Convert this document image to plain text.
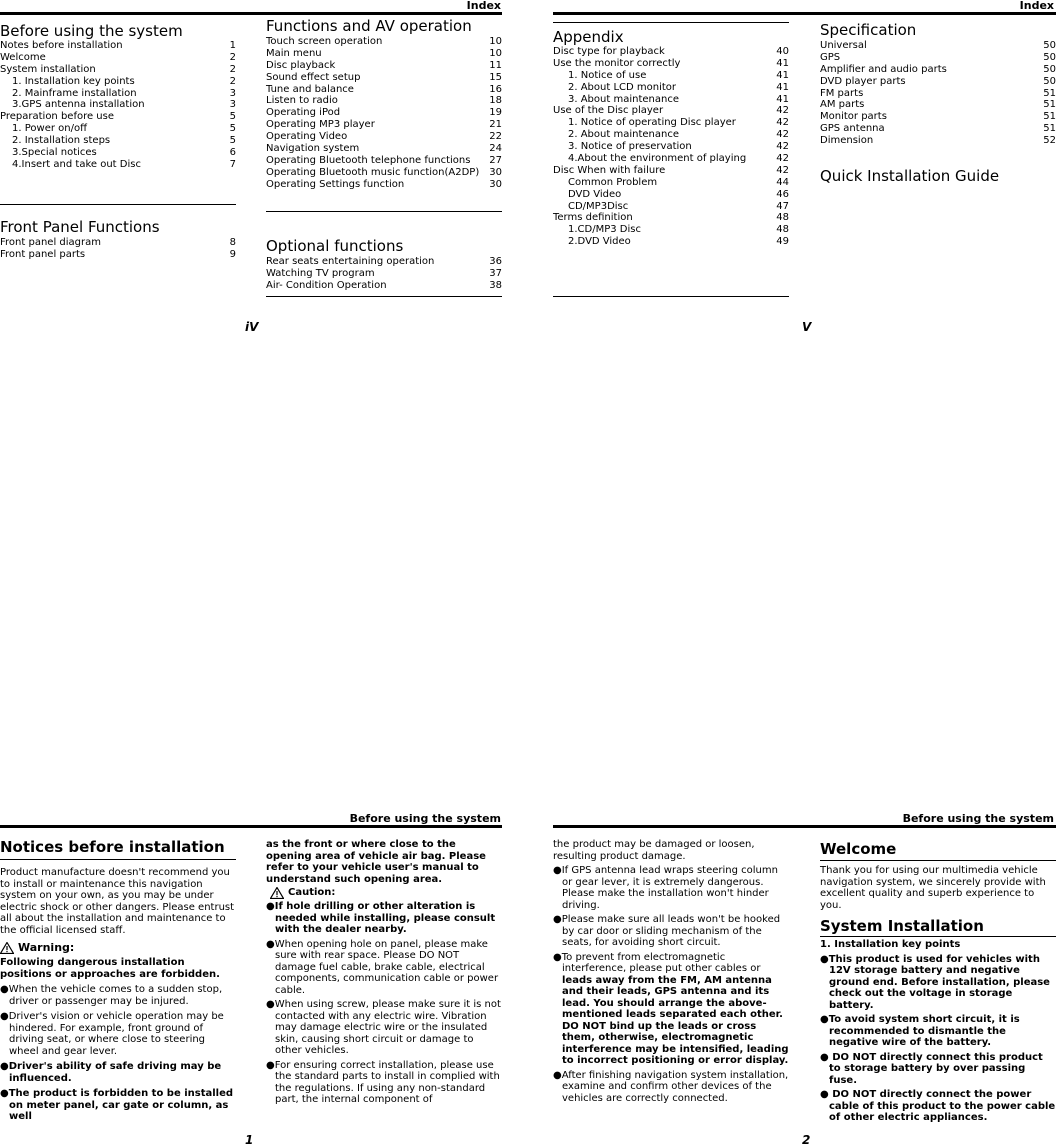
Index	Index
Before using the system
Notes before installation	1
Welcome	2
System installation	2
1. Installation key points	2
2. Mainframe installation	3
3.GPS antenna installation	3
Preparation before use	5
1. Power on/off	5
2. Installation steps	5
3.Special notices	6
4.Insert and take out Disc	7
Front Panel Functions
Front panel diagram	8
Front panel parts	9
Functions and AV operation
Touch screen operation	10
Main menu	10
Disc playback	11
Sound effect setup	15
Tune and balance	16
Listen to radio	18
Operating iPod	19
Operating MP3 player	21
Operating Video	22
Navigation system	24
Operating Bluetooth telephone functions 27
Operating Bluetooth music function(A2DP) 30
Operating Settings function	30
Optional functions
Rear seats entertaining operation	36
Watching TV program	37
Air- Condition Operation	38
Appendix
Disc type for playback	40
Use the monitor correctly	41
1. Notice of use	41
2. About LCD monitor	41
3. About maintenance	41
Use of the Disc player	42
1. Notice of operating Disc player	42
2. About maintenance	42
3. Notice of preservation	42
4.About the environment of playing	42
Disc When with failure	42
Common Problem	44
DVD Video	46
CD/MP3Disc	47
Terms definition	48
1.CD/MP3 Disc	48
2.DVD Video	49
Specification
Universal	50
GPS	50
Amplifier and audio parts	50
DVD player parts	50
FM parts	51
AM parts	51
Monitor parts	51
GPS antenna	51
Dimension	52
Quick Installation Guide
iV	V
Before using the system	Before using the system
Notices before installation

Product manufacture doesn't recommend you to install or maintenance this navigation system on your own, as you may be under electric shock or other dangers. Please entrust all about the installation and maintenance to the official licensed staff.

Warning:

Following dangerous installation positions or approaches are forbidden.

●When the vehicle comes to a sudden stop, driver or passenger may be injured.

●Driver's vision or vehicle operation may be hindered. For example, front ground of driving seat, or where close to steering wheel and gear lever.

●Driver's ability of safe driving may be influenced.

●The product is forbidden to be installed on meter panel, car gate or column, as well

as the front or where close to the opening area of vehicle air bag. Please refer to your vehicle user's manual to understand such opening area.

Caution:

●If hole drilling or other alteration is needed while installing, please consult with the dealer nearby.

●When opening hole on panel, please make sure with rear space. Please DO NOT damage fuel cable, brake cable, electrical components, communication cable or power cable.

●When using screw, please make sure it is not contacted with any electric wire. Vibration may damage electric wire or the insulated skin, causing short circuit or damage to other vehicles.

●For ensuring correct installation, please use the standard parts to install in complied with the regulations. If using any non-standard part, the internal component of

the product may be damaged or loosen, resulting product damage.

●If GPS antenna lead wraps steering column or gear lever, it is extremely dangerous. Please make the installation won't hinder driving.

●Please make sure all leads won't be hooked by car door or sliding mechanism of the seats, for avoiding short circuit.

●To prevent from electromagnetic interference, please put other cables or leads away from the FM, AM antenna and their leads, GPS antenna and its lead. You should arrange the above-mentioned leads separated each other. DO NOT bind up the leads or cross them, otherwise, electromagnetic interference may be intensified, leading to incorrect positioning or error display.

●After finishing navigation system installation, examine and confirm other devices of the vehicles are correctly connected.

Welcome

Thank you for using our multimedia vehicle navigation system, we sincerely provide with excellent quality and superb experience to you.

System Installation

1. Installation key points

●This product is used for vehicles with 12V storage battery and negative ground end. Before installation, please check out the voltage in storage battery.

●To avoid system short circuit, it is recommended to dismantle the negative wire of the battery.

● DO NOT directly connect this product to storage battery by over passing fuse.

● DO NOT directly connect the power cable of this product to the power cable of other electric appliances.

1	2
